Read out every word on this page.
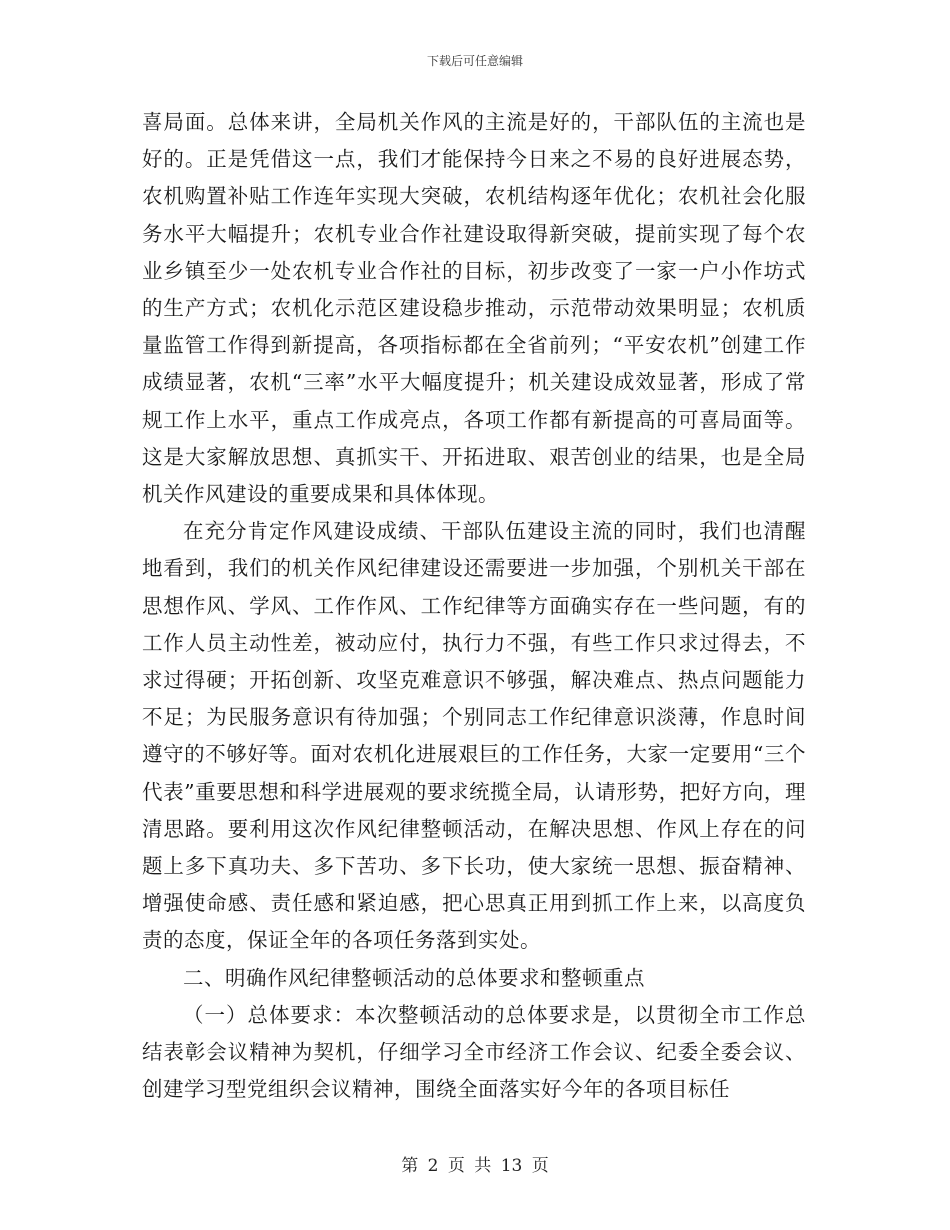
下载后可任意编辑

喜局面。总体来讲，全局机关作风的主流是好的，干部队伍的主流也是好的。正是凭借这一点，我们才能保持今日来之不易的良好进展态势，农机购置补贴工作连年实现大突破，农机结构逐年优化；农机社会化服务水平大幅提升；农机专业合作社建设取得新突破，提前实现了每个农业乡镇至少一处农机专业合作社的目标，初步改变了一家一户小作坊式的生产方式；农机化示范区建设稳步推动，示范带动效果明显；农机质量监管工作得到新提高，各项指标都在全省前列；“平安农机”创建工作成绩显著，农机“三率”水平大幅度提升；机关建设成效显著，形成了常规工作上水平，重点工作成亮点，各项工作都有新提高的可喜局面等。这是大家解放思想、真抓实干、开拓进取、艰苦创业的结果，也是全局机关作风建设的重要成果和具体体现。

在充分肯定作风建设成绩、干部队伍建设主流的同时，我们也清醒地看到，我们的机关作风纪律建设还需要进一步加强，个别机关干部在思想作风、学风、工作作风、工作纪律等方面确实存在一些问题，有的工作人员主动性差，被动应付，执行力不强，有些工作只求过得去，不求过得硬；开拓创新、攻坚克难意识不够强，解决难点、热点问题能力不足；为民服务意识有待加强；个别同志工作纪律意识淡薄，作息时间遵守的不够好等。面对农机化进展艰巨的工作任务，大家一定要用“三个代表”重要思想和科学进展观的要求统揽全局，认请形势，把好方向，理清思路。要利用这次作风纪律整顿活动，在解决思想、作风上存在的问题上多下真功夫、多下苦功、多下长功，使大家统一思想、振奋精神、增强使命感、责任感和紧迫感，把心思真正用到抓工作上来，以高度负责的态度，保证全年的各项任务落到实处。

二、明确作风纪律整顿活动的总体要求和整顿重点

（一）总体要求：本次整顿活动的总体要求是，以贯彻全市工作总结表彰会议精神为契机，仔细学习全市经济工作会议、纪委全委会议、创建学习型党组织会议精神，围绕全面落实好今年的各项目标任

第 2 页 共 13 页
